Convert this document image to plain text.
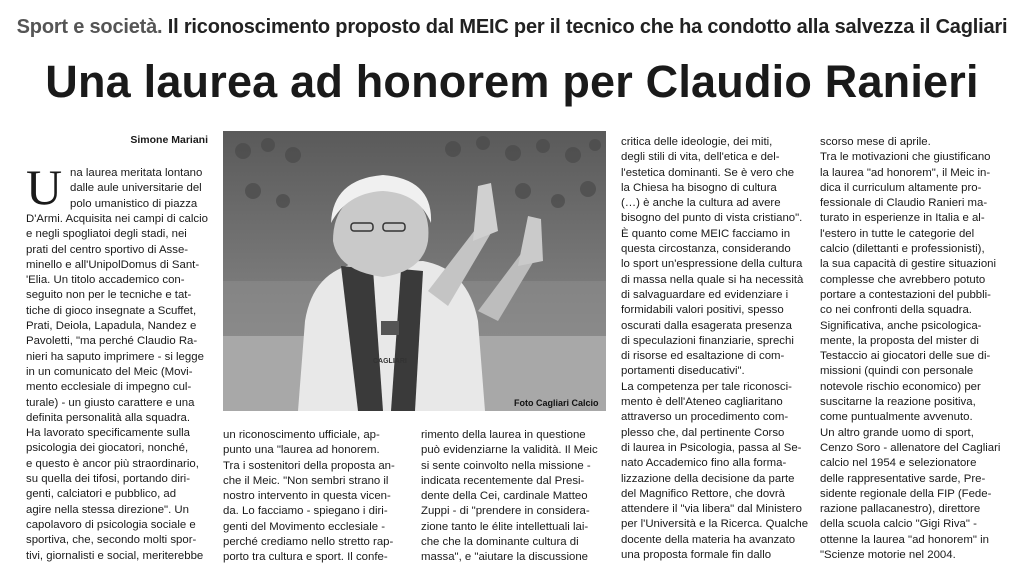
Sport e società. Il riconoscimento proposto dal MEIC per il tecnico che ha condotto alla salvezza il Cagliari
Una laurea ad honorem per Claudio Ranieri
Simone Mariani
U na laurea meritata lontano
dalle aule universitarie del
polo umanistico di piazza
D'Armi. Acquisita nei campi di calcio
e negli spogliatoi degli stadi, nei
prati del centro sportivo di Asse-
minello e all'UnipolDomus di Sant-
'Elia. Un titolo accademico con-
seguito non per le tecniche e tat-
tiche di gioco insegnate a Scuffet,
Prati, Deiola, Lapadula, Nandez e
Pavoletti, "ma perché Claudio Ra-
nieri ha saputo imprimere - si legge
in un comunicato del Meic (Movi-
mento ecclesiale di impegno cul-
turale) - un giusto carattere e una
definita personalità alla squadra.
Ha lavorato specificamente sulla
psicologia dei giocatori, nonché,
e questo è ancor più straordinario,
su quella dei tifosi, portando diri-
genti, calciatori e pubblico, ad
agire nella stessa direzione". Un
capolavoro di psicologia sociale e
sportiva, che, secondo molti spor-
tivi, giornalisti e social, meriterebbe
CAGLIARI
Foto Cagliari Calcio
un riconoscimento ufficiale, ap-
punto una "laurea ad honorem.
Tra i sostenitori della proposta an-
che il Meic. "Non sembri strano il
nostro intervento in questa vicen-
da. Lo facciamo - spiegano i diri-
genti del Movimento ecclesiale -
perché crediamo nello stretto rap-
porto tra cultura e sport. Il confe-
rimento della laurea in questione
può evidenziarne la validità. Il Meic
si sente coinvolto nella missione -
indicata recentemente dal Presi-
dente della Cei, cardinale Matteo
Zuppi - di "prendere in considera-
zione tanto le élite intellettuali lai-
che che la dominante cultura di
massa", e "aiutare la discussione
critica delle ideologie, dei miti,
degli stili di vita, dell'etica e del-
l'estetica dominanti. Se è vero che
la Chiesa ha bisogno di cultura
(…) è anche la cultura ad avere
bisogno del punto di vista cristiano".
È quanto come MEIC facciamo in
questa circostanza, considerando
lo sport un'espressione della cultura
di massa nella quale si ha necessità
di salvaguardare ed evidenziare i
formidabili valori positivi, spesso
oscurati dalla esagerata presenza
di speculazioni finanziarie, sprechi
di risorse ed esaltazione di com-
portamenti diseducativi".
La competenza per tale riconosci-
mento è dell'Ateneo cagliaritano
attraverso un procedimento com-
plesso che, dal pertinente Corso
di laurea in Psicologia, passa al Se-
nato Accademico fino alla forma-
lizzazione della decisione da parte
del Magnifico Rettore, che dovrà
attendere il "via libera" dal Ministero
per l'Università e la Ricerca. Qualche
docente della materia ha avanzato
una proposta formale fin dallo
scorso mese di aprile.
Tra le motivazioni che giustificano
la laurea "ad honorem", il Meic in-
dica il curriculum altamente pro-
fessionale di Claudio Ranieri ma-
turato in esperienze in Italia e al-
l'estero in tutte le categorie del
calcio (dilettanti e professionisti),
la sua capacità di gestire situazioni
complesse che avrebbero potuto
portare a contestazioni del pubbli-
co nei confronti della squadra.
Significativa, anche psicologica-
mente, la proposta del mister di
Testaccio ai giocatori delle sue di-
missioni (quindi con personale
notevole rischio economico) per
suscitarne la reazione positiva,
come puntualmente avvenuto.
Un altro grande uomo di sport,
Cenzo Soro - allenatore del Cagliari
calcio nel 1954 e selezionatore
delle rappresentative sarde, Pre-
sidente regionale della FIP (Fede-
razione pallacanestro), direttore
della scuola calcio "Gigi Riva" -
ottenne la laurea "ad honorem" in
"Scienze motorie nel 2004.
